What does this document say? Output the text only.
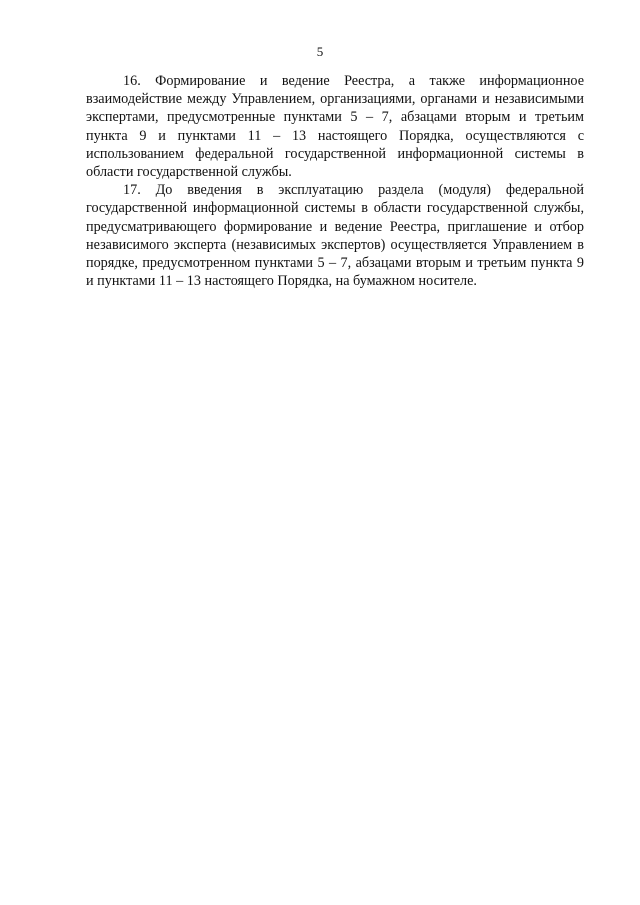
5

16. Формирование и ведение Реестра, а также информационное взаимодействие между Управлением, организациями, органами и независимыми экспертами, предусмотренные пунктами 5 – 7, абзацами вторым и третьим пункта 9 и пунктами 11 – 13 настоящего Порядка, осуществляются с использованием федеральной государственной информационной системы в области государственной службы.

17. До введения в эксплуатацию раздела (модуля) федеральной государственной информационной системы в области государственной службы, предусматривающего формирование и ведение Реестра, приглашение и отбор независимого эксперта (независимых экспертов) осуществляется Управлением в порядке, предусмотренном пунктами 5 – 7, абзацами вторым и третьим пункта 9 и пунктами 11 – 13 настоящего Порядка, на бумажном носителе.
